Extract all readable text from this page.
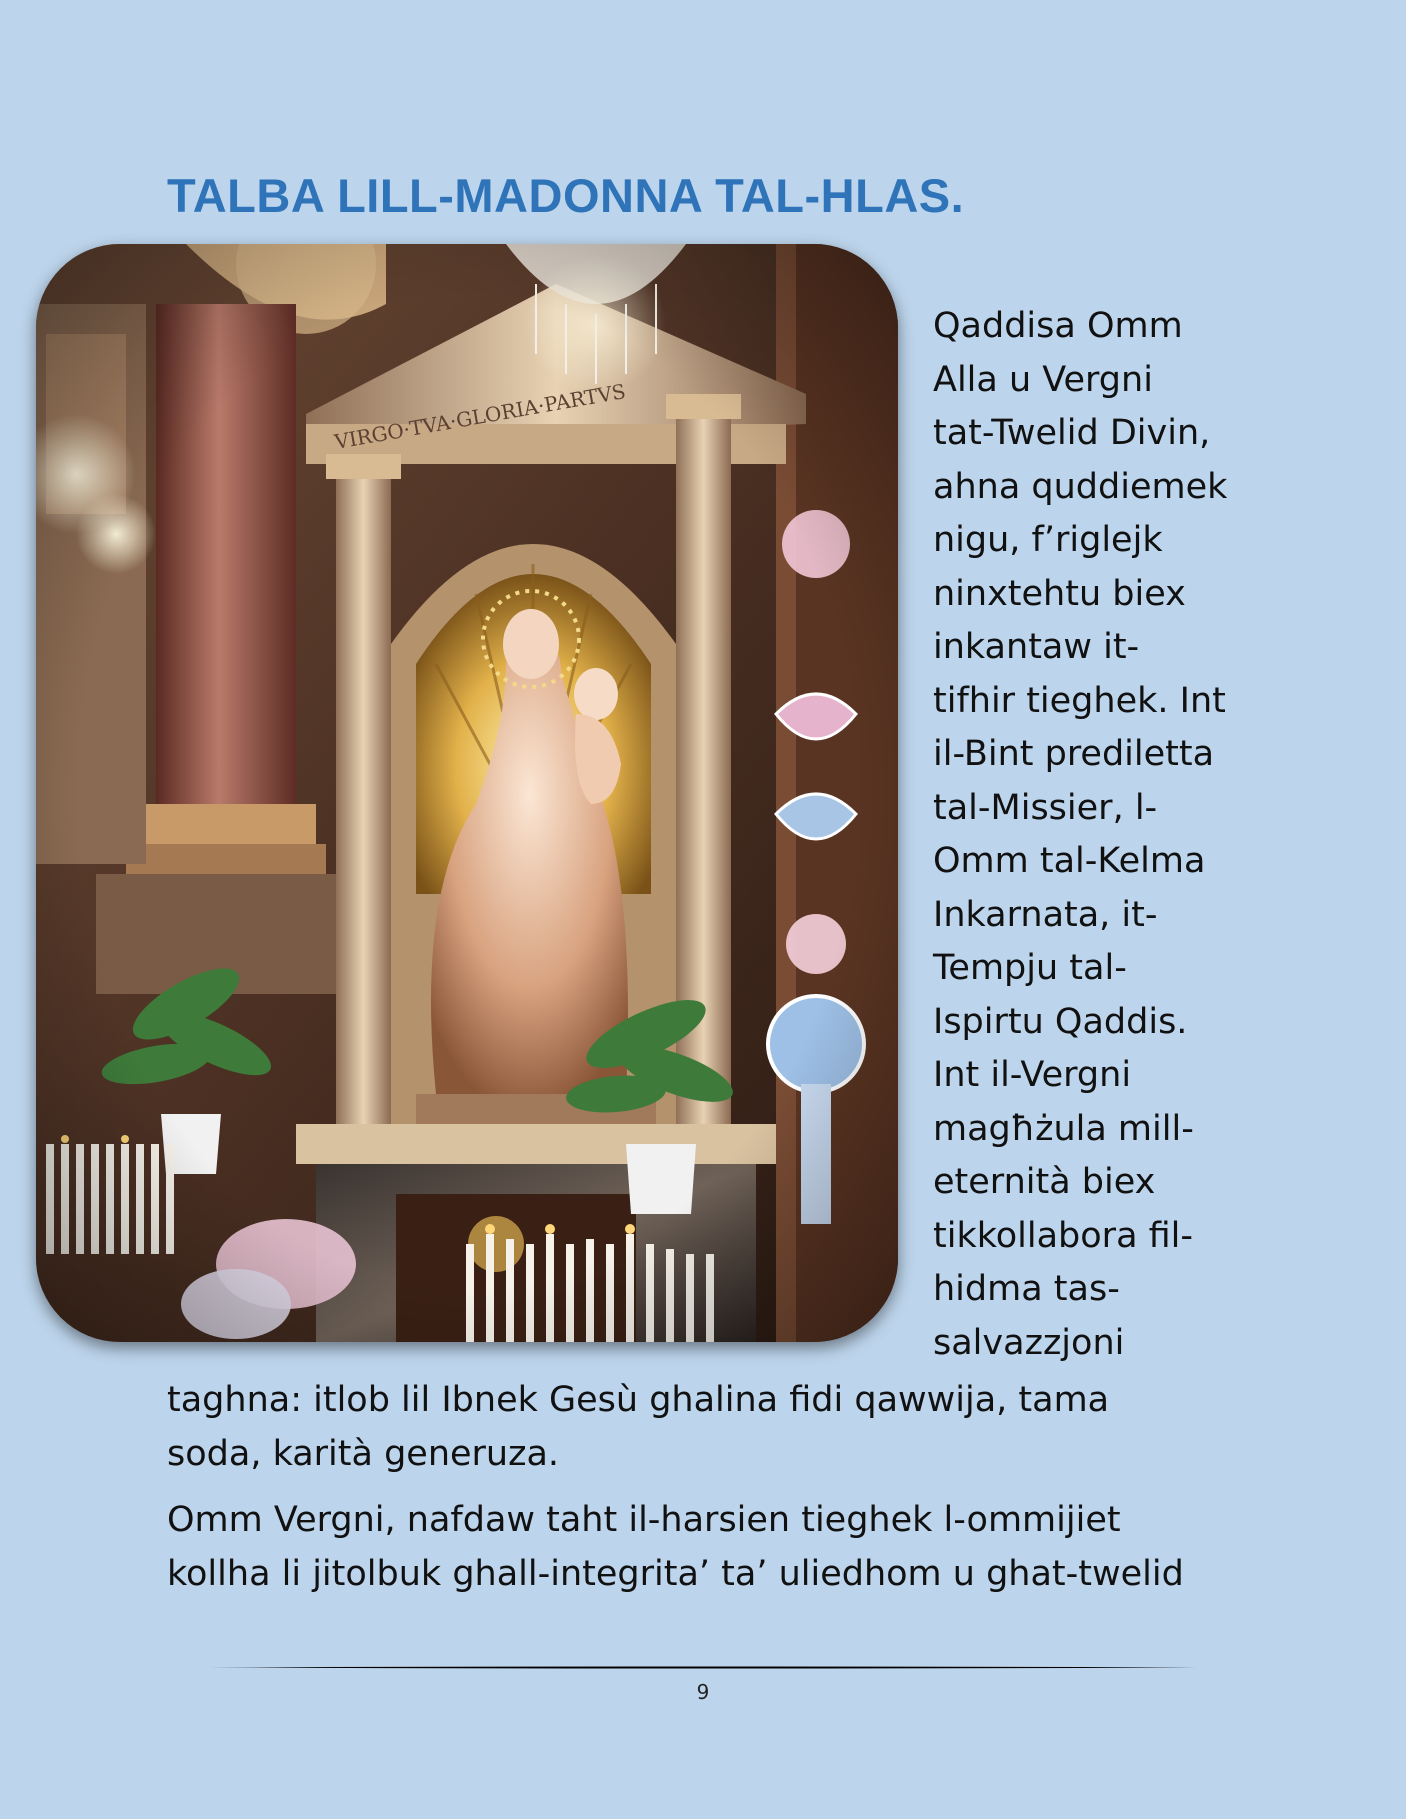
TALBA LILL-MADONNA TAL-HLAS.

Qaddisa Omm
Alla u Vergni
tat-Twelid Divin,
ahna quddiemek
nigu, f’riglejk
ninxtehtu biex
inkantaw it-
tifhir tieghek. Int
il-Bint prediletta
tal-Missier, l-
Omm tal-Kelma
Inkarnata, it-
Tempju tal-
Ispirtu Qaddis.
Int il-Vergni
magħżula mill-
eternità biex
tikkollabora fil-
hidma tas-
salvazzjoni

taghna: itlob lil Ibnek Gesù ghalina fidi qawwija, tama
soda, karità generuza.

Omm Vergni, nafdaw taht il-harsien tieghek l-ommijiet
kollha li jitolbuk ghall-integrita’ ta’ uliedhom u ghat-twelid

9
